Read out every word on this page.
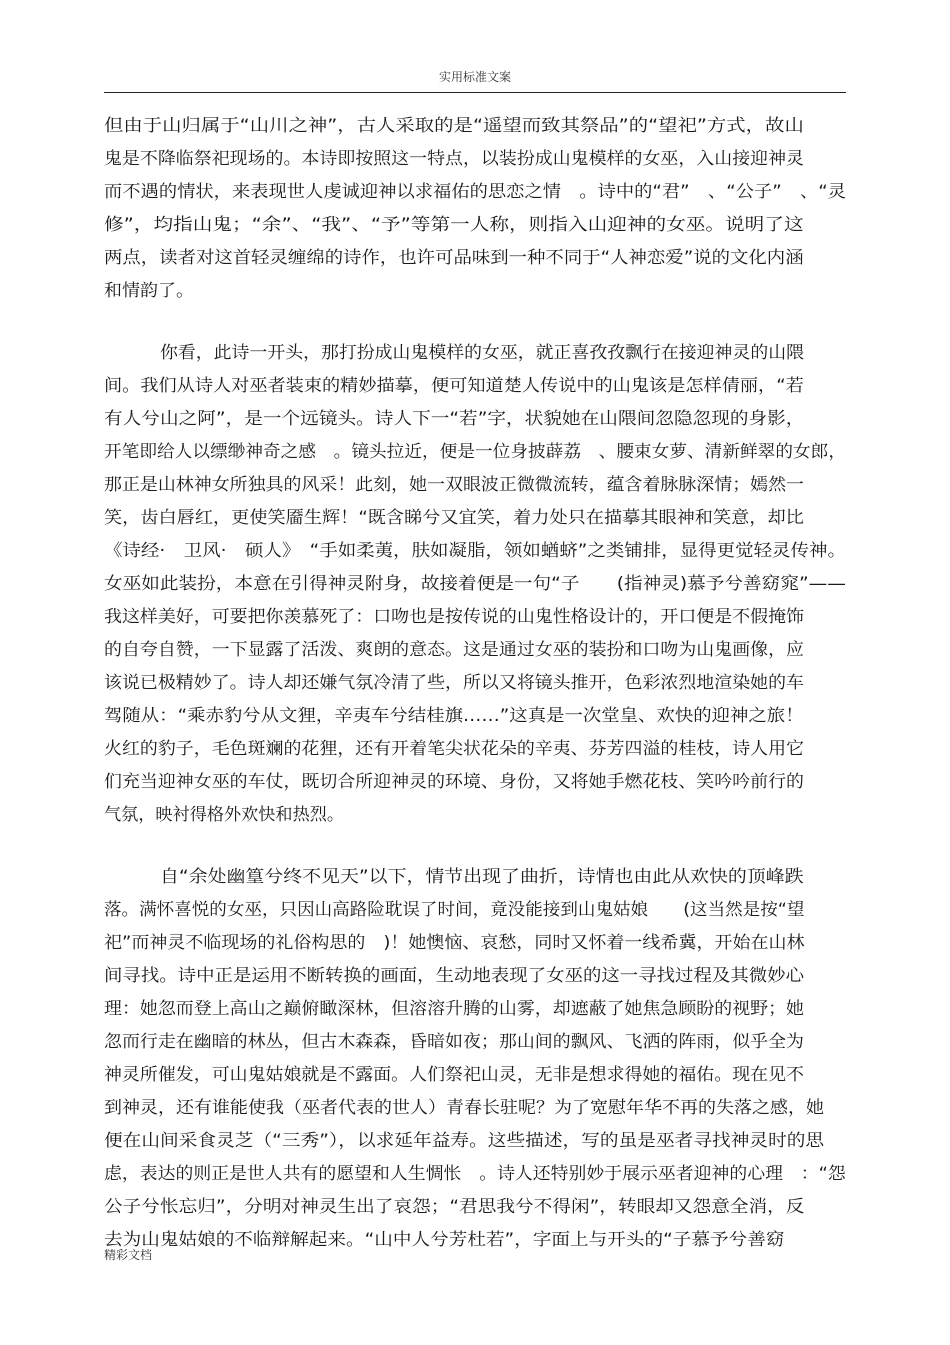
实用标准文案
但由于山归属于“山川之神”，古人采取的是“遥望而致其祭品”的“望祀”方式，故山
鬼是不降临祭祀现场的。本诗即按照这一特点，以装扮成山鬼模样的女巫，入山接迎神灵
而不遇的情状，来表现世人虔诚迎神以求福佑的思恋之情　。诗中的“君”　、“公子”　、“灵
修”，均指山鬼；“余”、“我”、“予”等第一人称，则指入山迎神的女巫。说明了这
两点，读者对这首轻灵缠绵的诗作，也许可品味到一种不同于“人神恋爱”说的文化内涵
和情韵了。
你看，此诗一开头，那打扮成山鬼模样的女巫，就正喜孜孜飘行在接迎神灵的山隈
间。我们从诗人对巫者装束的精妙描摹，便可知道楚人传说中的山鬼该是怎样倩丽，“若
有人兮山之阿”，是一个远镜头。诗人下一“若”字，状貌她在山隈间忽隐忽现的身影，
开笔即给人以缥缈神奇之感　。镜头拉近，便是一位身披薜荔　、腰束女萝、清新鲜翠的女郎，
那正是山林神女所独具的风采！此刻，她一双眼波正微微流转，蕴含着脉脉深情；嫣然一
笑，齿白唇红，更使笑靥生辉！“既含睇兮又宜笑，着力处只在描摹其眼神和笑意，却比
《诗经·　卫风·　硕人》　“手如柔荑，肤如凝脂，领如蝤蛴”之类铺排，显得更觉轻灵传神。
女巫如此装扮，本意在引得神灵附身，故接着便是一句“子　　(指神灵)慕予兮善窈窕”——
我这样美好，可要把你羡慕死了：口吻也是按传说的山鬼性格设计的，开口便是不假掩饰
的自夸自赞，一下显露了活泼、爽朗的意态。这是通过女巫的装扮和口吻为山鬼画像，应
该说已极精妙了。诗人却还嫌气氛冷清了些，所以又将镜头推开，色彩浓烈地渲染她的车
驾随从：“乘赤豹兮从文狸，辛夷车兮结桂旗……”这真是一次堂皇、欢快的迎神之旅！
火红的豹子，毛色斑斓的花狸，还有开着笔尖状花朵的辛夷、芬芳四溢的桂枝，诗人用它
们充当迎神女巫的车仗，既切合所迎神灵的环境、身份，又将她手燃花枝、笑吟吟前行的
气氛，映衬得格外欢快和热烈。
自“余处幽篁兮终不见天”以下，情节出现了曲折，诗情也由此从欢快的顶峰跌
落。满怀喜悦的女巫，只因山高路险耽误了时间，竟没能接到山鬼姑娘　　(这当然是按“望
祀”而神灵不临现场的礼俗构思的　)！她懊恼、哀愁，同时又怀着一线希冀，开始在山林
间寻找。诗中正是运用不断转换的画面，生动地表现了女巫的这一寻找过程及其微妙心
理：她忽而登上高山之巅俯瞰深林，但溶溶升腾的山雾，却遮蔽了她焦急顾盼的视野；她
忽而行走在幽暗的林丛，但古木森森，昏暗如夜；那山间的飘风、飞洒的阵雨，似乎全为
神灵所催发，可山鬼姑娘就是不露面。人们祭祀山灵，无非是想求得她的福佑。现在见不
到神灵，还有谁能使我（巫者代表的世人）青春长驻呢？为了宽慰年华不再的失落之感，她
便在山间采食灵芝（“三秀”），以求延年益寿。这些描述，写的虽是巫者寻找神灵时的思
虑，表达的则正是世人共有的愿望和人生惆怅　。诗人还特别妙于展示巫者迎神的心理　：“怨
公子兮怅忘归”，分明对神灵生出了哀怨；“君思我兮不得闲”，转眼却又怨意全消，反
去为山鬼姑娘的不临辩解起来。“山中人兮芳杜若”，字面上与开头的“子慕予兮善窈
精彩文档
